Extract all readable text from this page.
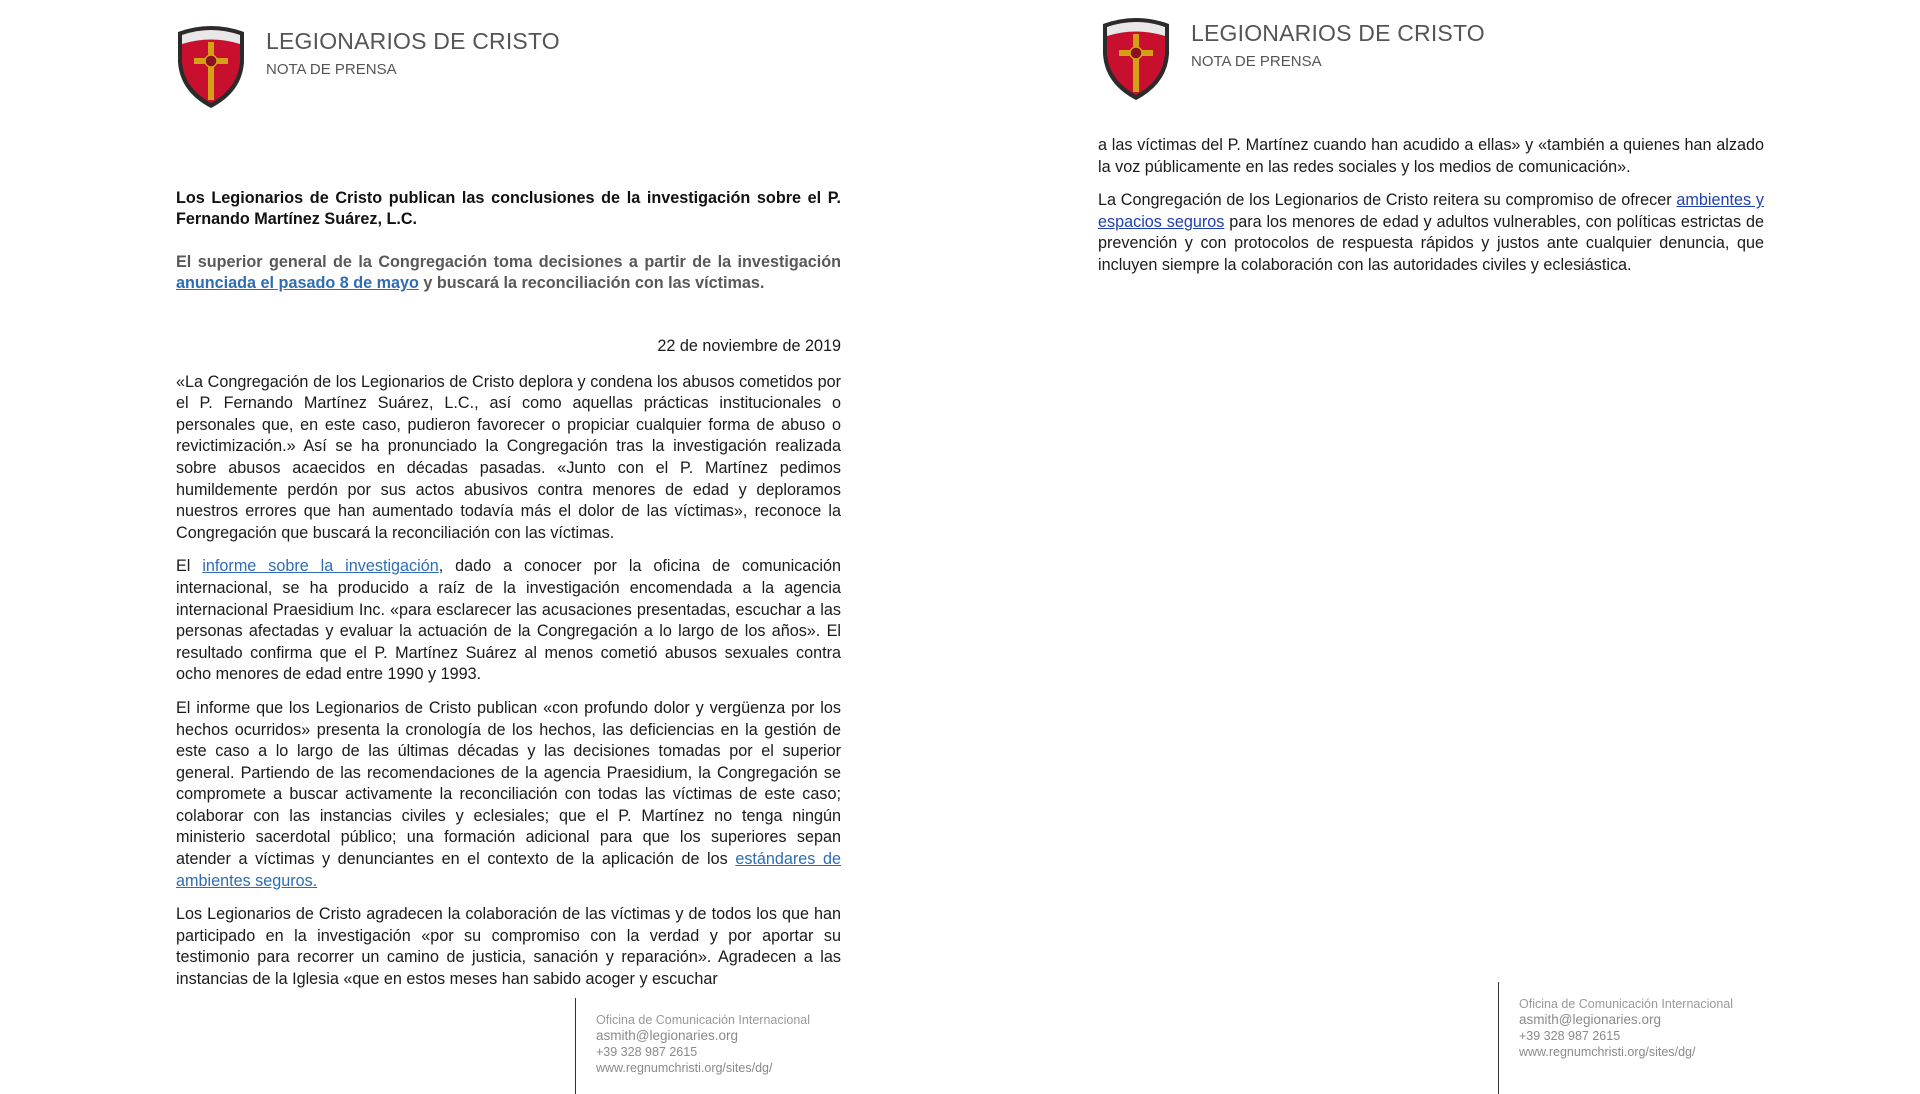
LEGIONARIOS DE CRISTO
NOTA DE PRENSA

Los Legionarios de Cristo publican las conclusiones de la investigación sobre el P. Fernando Martínez Suárez, L.C.

El superior general de la Congregación toma decisiones a partir de la investigación anunciada el pasado 8 de mayo y buscará la reconciliación con las víctimas.

22 de noviembre de 2019

«La Congregación de los Legionarios de Cristo deplora y condena los abusos cometidos por el P. Fernando Martínez Suárez, L.C., así como aquellas prácticas institucionales o personales que, en este caso, pudieron favorecer o propiciar cualquier forma de abuso o revictimización.» Así se ha pronunciado la Congregación tras la investigación realizada sobre abusos acaecidos en décadas pasadas. «Junto con el P. Martínez pedimos humildemente perdón por sus actos abusivos contra menores de edad y deploramos nuestros errores que han aumentado todavía más el dolor de las víctimas», reconoce la Congregación que buscará la reconciliación con las víctimas.

El informe sobre la investigación, dado a conocer por la oficina de comunicación internacional, se ha producido a raíz de la investigación encomendada a la agencia internacional Praesidium Inc. «para esclarecer las acusaciones presentadas, escuchar a las personas afectadas y evaluar la actuación de la Congregación a lo largo de los años». El resultado confirma que el P. Martínez Suárez al menos cometió abusos sexuales contra ocho menores de edad entre 1990 y 1993.

El informe que los Legionarios de Cristo publican «con profundo dolor y vergüenza por los hechos ocurridos» presenta la cronología de los hechos, las deficiencias en la gestión de este caso a lo largo de las últimas décadas y las decisiones tomadas por el superior general. Partiendo de las recomendaciones de la agencia Praesidium, la Congregación se compromete a buscar activamente la reconciliación con todas las víctimas de este caso; colaborar con las instancias civiles y eclesiales; que el P. Martínez no tenga ningún ministerio sacerdotal público; una formación adicional para que los superiores sepan atender a víctimas y denunciantes en el contexto de la aplicación de los estándares de ambientes seguros.

Los Legionarios de Cristo agradecen la colaboración de las víctimas y de todos los que han participado en la investigación «por su compromiso con la verdad y por aportar su testimonio para recorrer un camino de justicia, sanación y reparación». Agradecen a las instancias de la Iglesia «que en estos meses han sabido acoger y escuchar

Oficina de Comunicación Internacional
asmith@legionaries.org
+39 328 987 2615
www.regnumchristi.org/sites/dg/
LEGIONARIOS DE CRISTO
NOTA DE PRENSA

a las víctimas del P. Martínez cuando han acudido a ellas» y «también a quienes han alzado la voz públicamente en las redes sociales y los medios de comunicación».

La Congregación de los Legionarios de Cristo reitera su compromiso de ofrecer ambientes y espacios seguros para los menores de edad y adultos vulnerables, con políticas estrictas de prevención y con protocolos de respuesta rápidos y justos ante cualquier denuncia, que incluyen siempre la colaboración con las autoridades civiles y eclesiástica.

Oficina de Comunicación Internacional
asmith@legionaries.org
+39 328 987 2615
www.regnumchristi.org/sites/dg/
